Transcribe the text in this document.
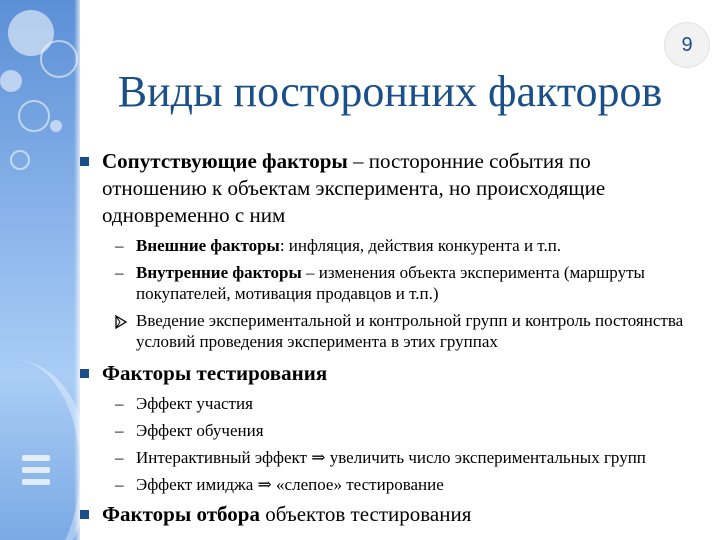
9
Виды посторонних факторов
Сопутствующие факторы – посторонние события по отношению к объектам эксперимента, но происходящие одновременно с ним
– Внешние факторы: инфляция, действия конкурента и т.п.
– Внутренние факторы – изменения объекта эксперимента (маршруты покупателей, мотивация продавцов и т.п.)
Введение экспериментальной и контрольной групп и контроль постоянства условий проведения эксперимента в этих группах
Факторы тестирования
– Эффект участия
– Эффект обучения
– Интерактивный эффект ⇒ увеличить число экспериментальных групп
– Эффект имиджа ⇒ «слепое» тестирование
Факторы отбора объектов тестирования
